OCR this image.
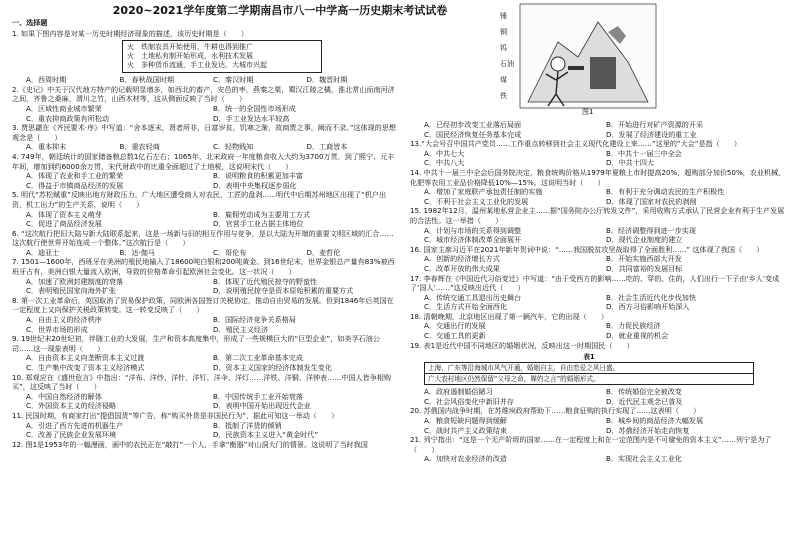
2020~2021学年度第二学期南昌市八一中学高一历史期末考试试卷
一、选择题

1. 如果下图内容是对某一历史时期经济现象的描述，该历史时期是（　　）

火　铁制农具开始使用，牛耕也得到推广
火　土地私有制开始形成，水利技术发展
火　多种货币流通，手工业发达，大城市兴起
A．西周时期	B．春秋战国时期	C．秦汉时期	D．魏晋时期

2.《史记》中关于汉代地方特产的记载明显增多，如西北的畜产，安邑的枣，燕秦之栗，蜀汉江陵之橘，淮北常山而南河济之间，齐鲁之桑麻，渭川之竹，山西木材等，这从侧面反映了当时（　　）

A．区域性商业城市繁荣	B．统一的全国性市场形成
C．重农抑商政策有所松动	D．手工业发达水平较高

3. 贾思勰在《齐民要术·序》中写道：“舍本逐末，贤者所非，日富岁贫，饥寒之渐，故商贾之事，阙而不录。”这体现的思想观念是（　　）

A．重本抑末	B．重农轻商	C．轻物贱知	D．工商皆本

4. 749年，朝廷统计的国家储备粮总数1亿石左右；1065年，北宋政府一年度粮食收入大约为3700万贯，到了熙宁、元丰年间，增加到约6000余万贯，宋代财政中的比重全面超过了土地税，这说明宋代（　　）

A．体现了农业和手工业的繁荣	B．说明粮食的积累更加丰富
C．得益于市镇商品经济的发展	D．表明中央集权逐步弱化

5. 明代“苏松赋重”反映出地方财政压力，广大地区遭受商人对农民、工匠的盘剥......明代中后期苏州地区出现了“机户出资，机工出力”的生产关系，说明（　　）

A．体现了资本主义萌芽	B．雇佣劳动成为主要用工方式
C．促进了商品经济发展	D．官营手工业占据主体地位

6. “这次航行把旧大陆与新大陆联系起来，这是一场新与旧的相互作用与竞争，是以大陆为开端的重要文明区域的汇合……这次航行使世界开始连成一个整体。”这次航行是（　　）

A．迪亚士	B．达·伽马	C．哥伦布	D．麦哲伦

7. 1501—1600年，西班牙在美洲的殖民地输入了18600吨白银和200吨黄金。到16世纪末，世界金银总产量有83%被西班牙占有，美洲白银大量流入欧洲，导致的价格革命引起欧洲社会变化。这一状况（　　）

A．加速了欧洲封建制度的衰落	B．体现了近代殖民掠夺的野蛮性
C．表明殖民国家向海外扩张	D．说明殖民掠夺是资本原始积累的重要方式

8. 第一次工业革命后，英国取消了贸易保护政策，同欧洲各国签订关税协定，推动自由贸易的发展。但到1846年后英国在一定程度上又向保护关税政策转变。这一转变反映了（　　）

A．自由主义的经济秩序	B．国际经济竞争关系格局
C．世界市场的形成	D．殖民主义经济

9. 19世纪末20世纪初，伴随工业的大发展，生产和资本高度集中，形成了一些规模巨大的“巨型企业”，如美孚石油公司……这一现象表明（　　）

A．自由资本主义向垄断资本主义过渡	B．第二次工业革命基本完成
C．生产集中改变了资本主义经济模式	D．资本主义国家的经济体制发生变化

10. 郑观应在《盛世危言》中指出：“洋布、洋纱、洋针、洋钉、洋伞、洋灯……洋铁、洋铜、洋钟表……中国人皆争相购买”，这反映了当时（　　）

A．中国自然经济的解体	B．中国传统手工业开始衰落
C．外国资本主义的经济侵略	D．表明中国开始出现近代企业

11. 民国时期，有商家打出“提倡国货”等广告，称“购买外货是非国民行为”，据此可知这一举动（　　）

A．引进了西方先进的机器生产	B．抵制了洋货的倾销
C．改善了民族企业发展环境	D．民族资本主义进入“黄金时代”

12. 图1是1953年的一幅漫画，画中的农民正在“敲打”一个人，手拿“衡器”对山洞大门的情景。这说明了当时我国

锤
铜
钨
石油
煤
铁
图1
A．已经初步改变工业落后局面	B．开始进行对矿产资源的开采
C．国民经济恢复任务基本完成	D．发展了经济建设的重工业

13.“大会号召中国共产党员……工作重点转移到社会主义现代化建设上来……”这里的“大会”是指（　　）

A．中共七大	B．中共十一届三中全会
C．中共八大	D．中共十四大

14. 中共十一届三中全会后国务院决定，粮食统购价格从1979年夏粮上市时提高20%，超购部分加价50%，农业机械、化肥等农用工业品价格降低10%—15%。这说明当时（　　）

A．增加了家庭联产承包责任制的实施	B．有利于充分调动农民的生产积极性
C．不利于社会主义工业化的发展	D．体现了国家对农民的剥削

15. 1982年12月，温州某地私营企业主……据“国务院办公厅转发文件”，采用收购方式承认了民营企业有利于生产发展的合法性。这一举措（　　）

A．计划与市场的关系得到调整	B．经济调整得到进一步实现
C．城市经济体制改革全面展开	D．现代企业制度的建立

16. 国家主席习近平在2021年新年贺词中说：“……我国脱贫攻坚战取得了全面胜利……” 这体现了我国（　　）

A．创新的经济增长方式	B．开始实施西部大开发
C．改革开放的伟大成果	D．共同富裕的发展目标

17. 李春辉在《中国近代习俗变迁》中写道：“由于受西方的影响……吃的、穿的、住的，人们出行一下子由‘乡人’变成了‘国人’……”这反映出近代（　　）

A．传统交通工具退出历史舞台	B．社会生活近代化步伐加快
C．生活方式开始全面西化	D．西方习俗影响开始深入

18. 清朝晚期，北京地区出现了第一辆汽车，它的出现（　　）

A．交通出行的发展	B．力促民族经济
C．交通工具的更新	D．就业重视的机会

19. 表1是近代中国不同地区的婚姻状况，反映出这一时期国民（　　）

表1
上海、广东等沿海城市风气开通，婚姻自主，自由恋爱之风日盛。
广大农村地区仍然保留“父母之命，媒妁之言”的婚姻形式。
A．政府遏制婚俗陋习	B．传统婚俗完全被改变
C．社会风俗变化中新旧并存	D．近代民主观念已普及

20. 苏俄国内战争时期，在苏维埃政府帮助下……粮食征购的执行实现了……这表明（　　）

A．粮食短缺问题得到缓解	B．城乡间的商品经济大幅发展
C．战时共产主义政策结束	D．苏俄经济开始走向恢复

21. 列宁指出：“这是一个无产阶级的国家……在一定程度上和在一定范围内是不可避免的资本主义”……列宁是为了（　　）

A．加快对农业经济的改造	B．实现社会主义工业化
